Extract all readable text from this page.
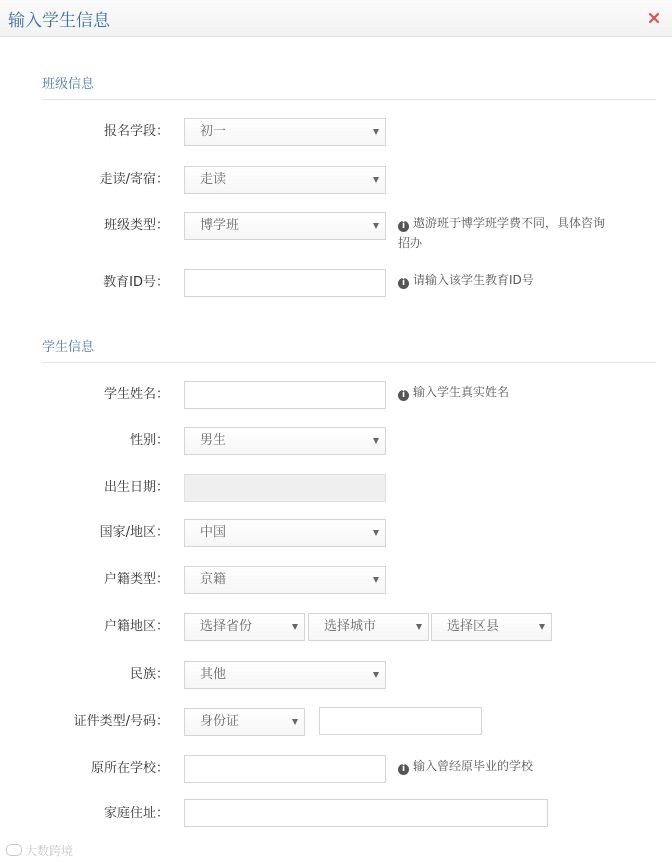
输入学生信息
班级信息
报名学段： 初一
走读/寄宿： 走读
班级类型： 博学班	i 遨游班于博学班学费不同，具体咨询招办
教育ID号：	i 请输入该学生教育ID号
学生信息
学生姓名：	i 输入学生真实姓名
性别： 男生
出生日期：
国家/地区： 中国
户籍类型： 京籍
户籍地区： 选择省份	选择城市	选择区县
民族： 其他
证件类型/号码： 身份证
原所在学校：	i 输入曾经原毕业的学校
家庭住址：
大数跨境
